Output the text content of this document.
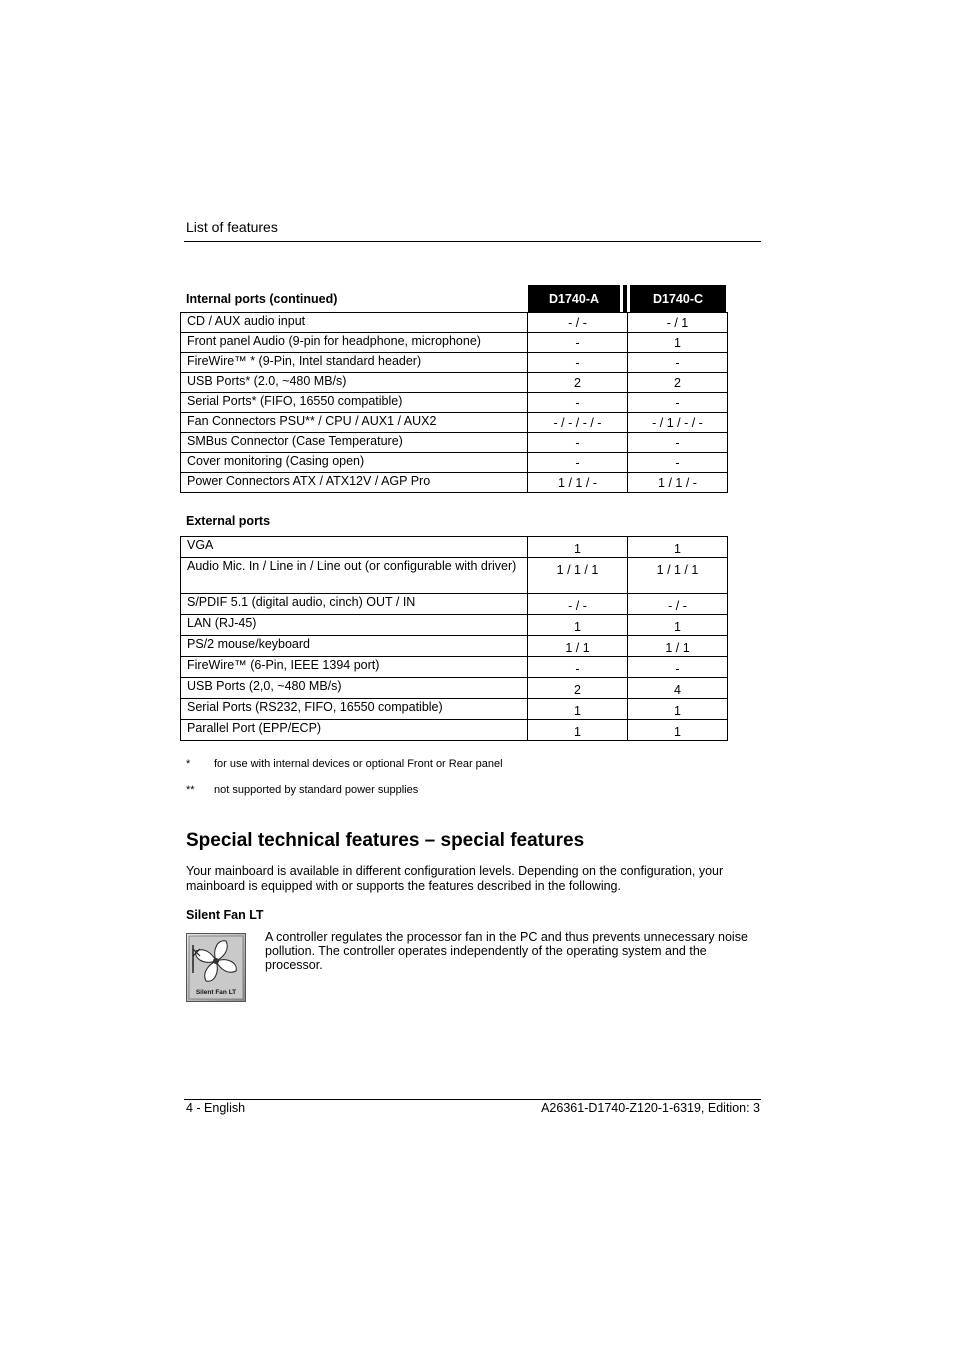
List of features
Internal ports (continued)	D1740-A	D1740-C
CD / AUX audio input	- / -	- / 1
Front panel Audio (9-pin for headphone, microphone)	-	1
FireWire™ * (9-Pin, Intel standard header)	-	-
USB Ports* (2.0, ~480 MB/s)	2	2
Serial Ports* (FIFO, 16550 compatible)	-	-
Fan Connectors PSU** / CPU / AUX1 / AUX2	- / - / - / -	- / 1 / - / -
SMBus Connector (Case Temperature)	-	-
Cover monitoring (Casing open)	-	-
Power Connectors ATX / ATX12V / AGP Pro	1 / 1 / -	1 / 1 / -
External ports
VGA	1	1
Audio Mic. In / Line in / Line out (or configurable with driver)	1 / 1 / 1	1 / 1 / 1
S/PDIF 5.1 (digital audio, cinch) OUT / IN	- / -	- / -
LAN (RJ-45)	1	1
PS/2 mouse/keyboard	1 / 1	1 / 1
FireWire™ (6-Pin, IEEE 1394 port)	-	-
USB Ports (2,0, ~480 MB/s)	2	4
Serial Ports (RS232, FIFO, 16550 compatible)	1	1
Parallel Port (EPP/ECP)	1	1
* for use with internal devices or optional Front or Rear panel
** not supported by standard power supplies
Special technical features – special features
Your mainboard is available in different configuration levels. Depending on the configuration, your mainboard is equipped with or supports the features described in the following.
Silent Fan LT
Silent Fan LT
A controller regulates the processor fan in the PC and thus prevents unnecessary noise pollution. The controller operates independently of the operating system and the processor.
4 - English	A26361-D1740-Z120-1-6319, Edition: 3
